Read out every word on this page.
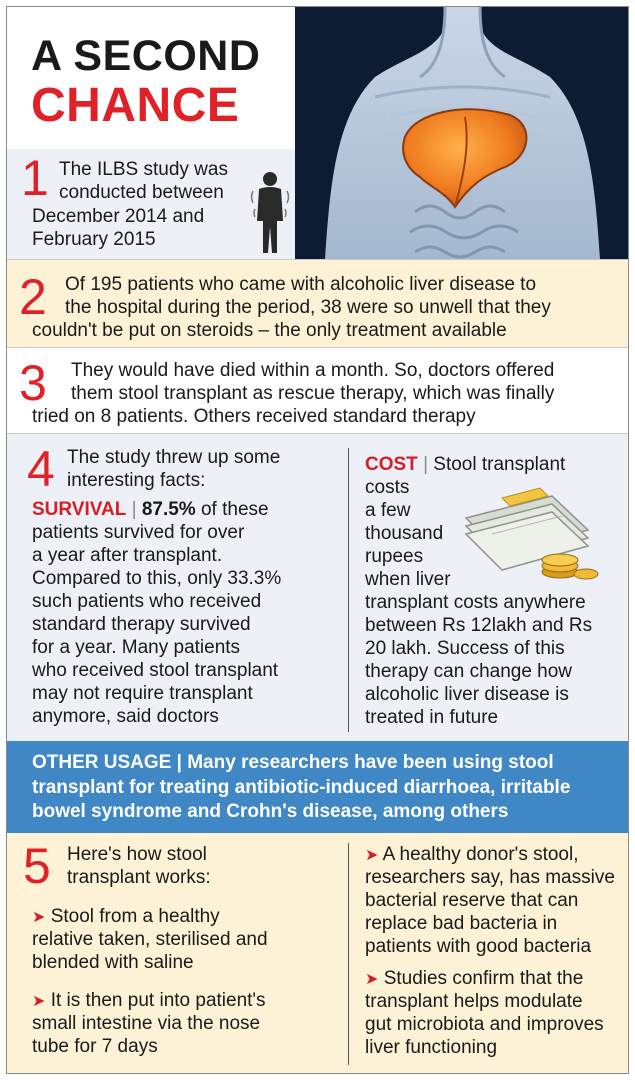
A SECOND
CHANCE
1 The ILBS study was
conducted between
December 2014 and
February 2015
2 Of 195 patients who came with alcoholic liver disease to
the hospital during the period, 38 were so unwell that they
couldn't be put on steroids – the only treatment available
3 They would have died within a month. So, doctors offered
them stool transplant as rescue therapy, which was finally
tried on 8 patients. Others received standard therapy
4 The study threw up some
interesting facts:
SURVIVAL | 87.5% of these
patients survived for over
a year after transplant.
Compared to this, only 33.3%
such patients who received
standard therapy survived
for a year. Many patients
who received stool transplant
may not require transplant
anymore, said doctors
COST | Stool transplant
costs
a few
thousand
rupees
when liver
transplant costs anywhere
between Rs 12lakh and Rs
20 lakh. Success of this
therapy can change how
alcoholic liver disease is
treated in future
OTHER USAGE | Many researchers have been using stool
transplant for treating antibiotic-induced diarrhoea, irritable
bowel syndrome and Crohn's disease, among others
5 Here's how stool
transplant works:
➤ Stool from a healthy
relative taken, sterilised and
blended with saline
➤ It is then put into patient's
small intestine via the nose
tube for 7 days
➤ A healthy donor's stool,
researchers say, has massive
bacterial reserve that can
replace bad bacteria in
patients with good bacteria
➤ Studies confirm that the
transplant helps modulate
gut microbiota and improves
liver functioning
